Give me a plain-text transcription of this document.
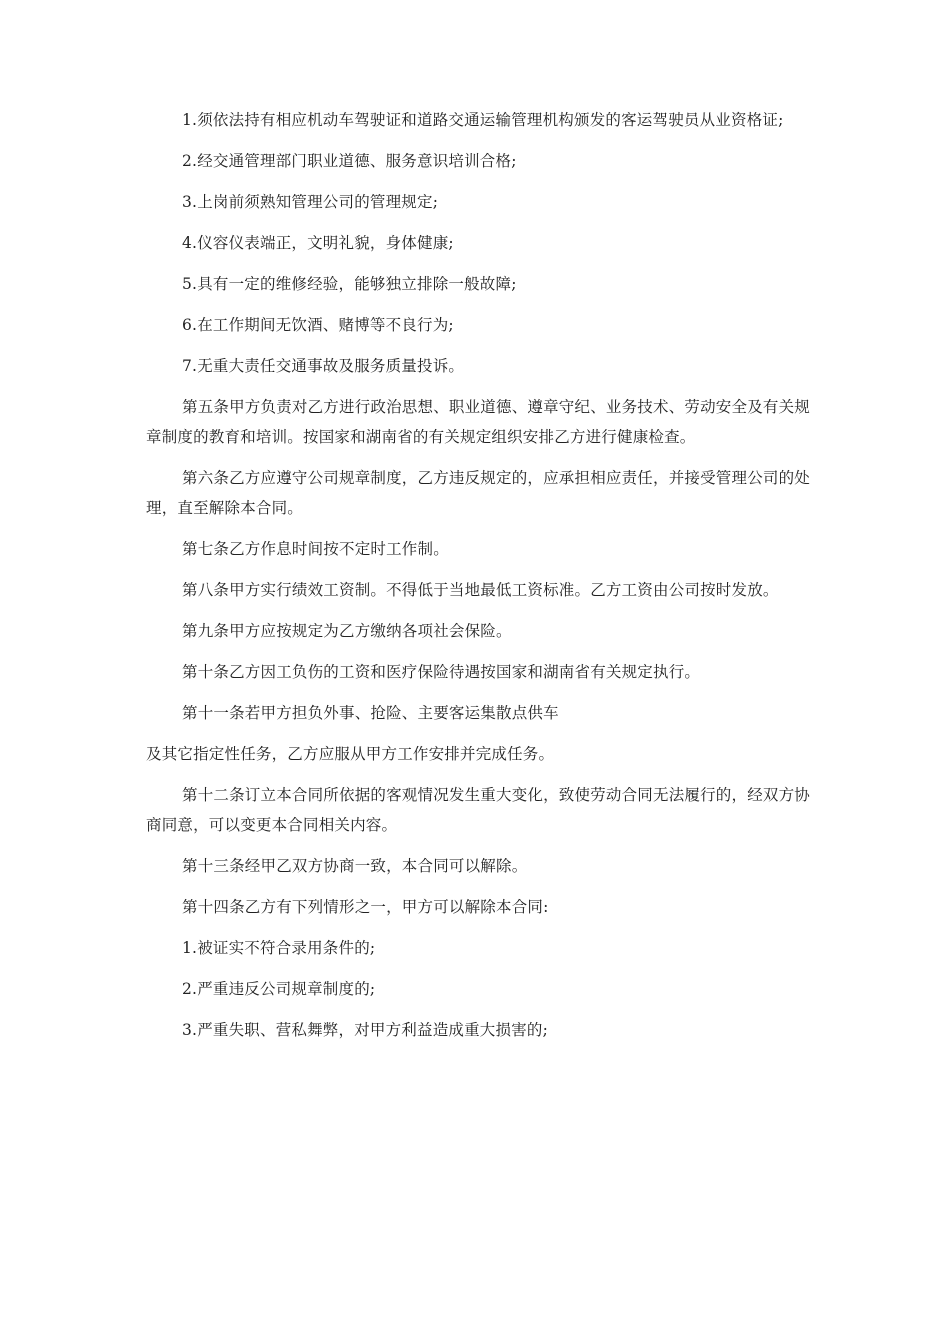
1.须依法持有相应机动车驾驶证和道路交通运输管理机构颁发的客运驾驶员从业资格证;

2.经交通管理部门职业道德、服务意识培训合格;

3.上岗前须熟知管理公司的管理规定;

4.仪容仪表端正，文明礼貌，身体健康;

5.具有一定的维修经验，能够独立排除一般故障;

6.在工作期间无饮酒、赌博等不良行为;

7.无重大责任交通事故及服务质量投诉。

第五条甲方负责对乙方进行政治思想、职业道德、遵章守纪、业务技术、劳动安全及有关规章制度的教育和培训。按国家和湖南省的有关规定组织安排乙方进行健康检查。

第六条乙方应遵守公司规章制度，乙方违反规定的，应承担相应责任，并接受管理公司的处理，直至解除本合同。

第七条乙方作息时间按不定时工作制。

第八条甲方实行绩效工资制。不得低于当地最低工资标准。乙方工资由公司按时发放。

第九条甲方应按规定为乙方缴纳各项社会保险。

第十条乙方因工负伤的工资和医疗保险待遇按国家和湖南省有关规定执行。

第十一条若甲方担负外事、抢险、主要客运集散点供车

及其它指定性任务，乙方应服从甲方工作安排并完成任务。

第十二条订立本合同所依据的客观情况发生重大变化，致使劳动合同无法履行的，经双方协商同意，可以变更本合同相关内容。

第十三条经甲乙双方协商一致，本合同可以解除。

第十四条乙方有下列情形之一，甲方可以解除本合同:

1.被证实不符合录用条件的;

2.严重违反公司规章制度的;

3.严重失职、营私舞弊，对甲方利益造成重大损害的;
